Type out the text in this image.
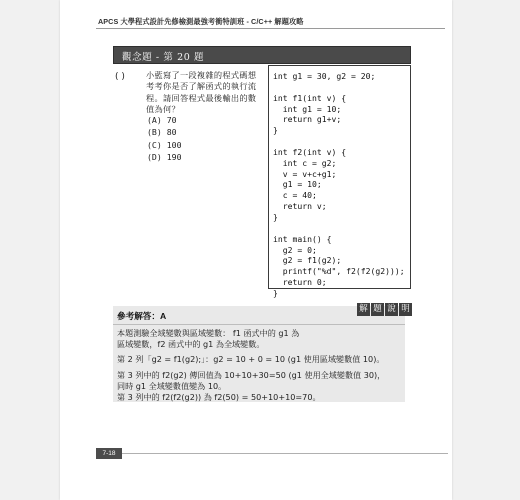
APCS 大學程式設計先修檢測最強考衝特訓班 - C/C++ 解題攻略
觀念題 - 第 20 題
( )	小藍寫了一段複雜的程式碼想考考你是否了解函式的執行流程。請回答程式最後輸出的數值為何？
(A) 70
(B) 80
(C) 100
(D) 190
int g1 = 30, g2 = 20;

int f1(int v) {
int g1 = 10;
return g1+v;
}

int f2(int v) {
int c = g2;
v = v+c+g1;
g1 = 10;
c = 40;
return v;
}

int main() {
g2 = 0;
g2 = f1(g2);
printf("%d", f2(f2(g2)));
return 0;
}
參考解答：A
本題測驗全域變數與區域變數： f1 函式中的 g1 為
區域變數，f2 函式中的 g1 為全域變數。
第 2 列「g2 = f1(g2);」：g2 = 10 + 0 = 10 (g1 使用區域變數值 10)。
第 3 列中的 f2(g2) 傳回值為 10+10+30=50 (g1 使用全域變數值 30)，
同時 g1 全域變數值變為 10。
第 3 列中的 f2(f2(g2)) 為 f2(50) = 50+10+10=70。
解 題 說 明
7-18
